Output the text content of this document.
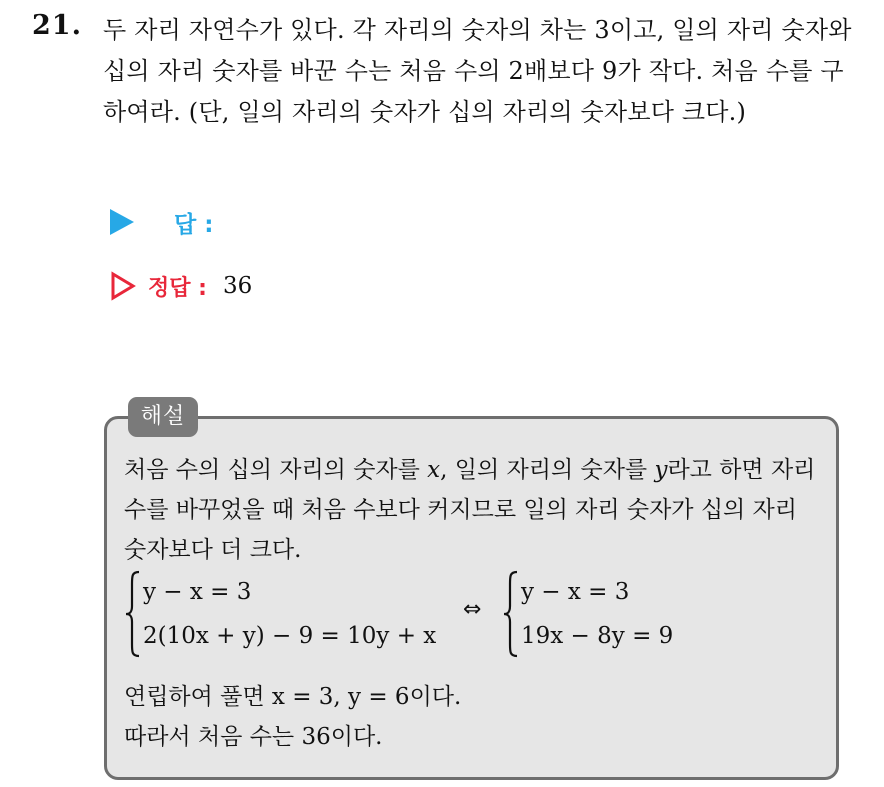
21. 두 자리 자연수가 있다. 각 자리의 숫자의 차는 3이고, 일의 자리 숫자와 십의 자리 숫자를 바꾼 수는 처음 수의 2배보다 9가 작다. 처음 수를 구하여라. (단, 일의 자리의 숫자가 십의 자리의 숫자보다 크다.)
답 :
정답 : 36
해설
처음 수의 십의 자리의 숫자를 x, 일의 자리의 숫자를 y라고 하면 자리 수를 바꾸었을 때 처음 수보다 커지므로 일의 자리 숫자가 십의 자리 숫자보다 더 크다.
y − x = 3
2(10x + y) − 9 = 10y + x
⇔
y − x = 3
19x − 8y = 9
연립하여 풀면 x = 3, y = 6이다.
따라서 처음 수는 36이다.
